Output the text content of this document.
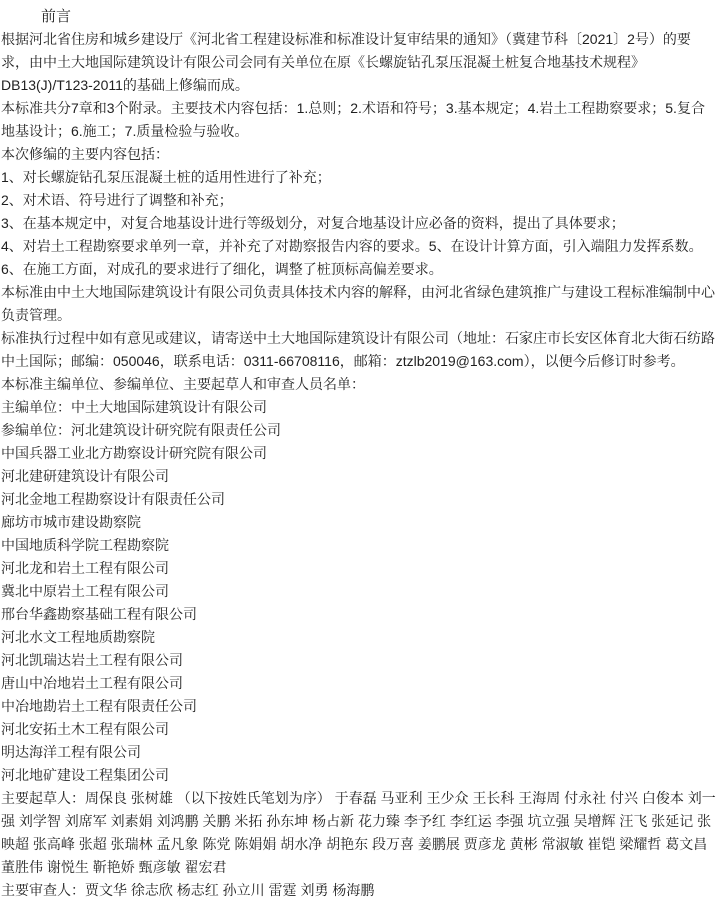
前言

根据河北省住房和城乡建设厅《河北省工程建设标准和标准设计复审结果的通知》（冀建节科〔2021〕2号）的要求，由中土大地国际建筑设计有限公司会同有关单位在原《长螺旋钻孔泵压混凝土桩复合地基技术规程》DB13(J)/T123-2011的基础上修编而成。

本标准共分7章和3个附录。主要技术内容包括：1.总则；2.术语和符号；3.基本规定；4.岩土工程勘察要求；5.复合地基设计；6.施工；7.质量检验与验收。

本次修编的主要内容包括：

1、对长螺旋钻孔泵压混凝土桩的适用性进行了补充；

2、对术语、符号进行了调整和补充；

3、在基本规定中，对复合地基设计进行等级划分，对复合地基设计应必备的资料，提出了具体要求；

4、对岩土工程勘察要求单列一章，并补充了对勘察报告内容的要求。5、在设计计算方面，引入端阻力发挥系数。

6、在施工方面，对成孔的要求进行了细化，调整了桩顶标高偏差要求。

本标准由中土大地国际建筑设计有限公司负责具体技术内容的解释，由河北省绿色建筑推广与建设工程标准编制中心负责管理。

标准执行过程中如有意见或建议，请寄送中土大地国际建筑设计有限公司（地址：石家庄市长安区体育北大街石纺路中土国际；邮编：050046，联系电话：0311-66708116，邮箱：ztzlb2019@163.com），以便今后修订时参考。

本标准主编单位、参编单位、主要起草人和审查人员名单：

主编单位：中土大地国际建筑设计有限公司

参编单位：河北建筑设计研究院有限责任公司

中国兵器工业北方勘察设计研究院有限公司

河北建研建筑设计有限公司

河北金地工程勘察设计有限责任公司

廊坊市城市建设勘察院

中国地质科学院工程勘察院

河北龙和岩土工程有限公司

冀北中原岩土工程有限公司

邢台华鑫勘察基础工程有限公司

河北水文工程地质勘察院

河北凯瑞达岩土工程有限公司

唐山中冶地岩土工程有限公司

中冶地勘岩土工程有限责任公司

河北安拓土木工程有限公司

明达海洋工程有限公司

河北地矿建设工程集团公司

主要起草人：周保良 张树雄 （以下按姓氏笔划为序） 于春磊 马亚利 王少众 王长科 王海周 付永社 付兴 白俊本 刘一强 刘学智 刘席军 刘素娟 刘鸿鹏 关鹏 米拓 孙东坤 杨占新 花力臻 李予红 李红运 李强 坑立强 吴增辉 汪飞 张延记 张映超 张高峰 张超 张瑞林 孟凡象 陈党 陈娟娟 胡水净 胡艳东 段万喜 姜鹏展 贾彦龙 黄彬 常淑敏 崔铠 梁耀哲 葛文昌 董胜伟 谢悦生 靳艳娇 甄彦敏 翟宏君

主要审查人：贾文华 徐志欣 杨志红 孙立川 雷霆 刘勇 杨海鹏
